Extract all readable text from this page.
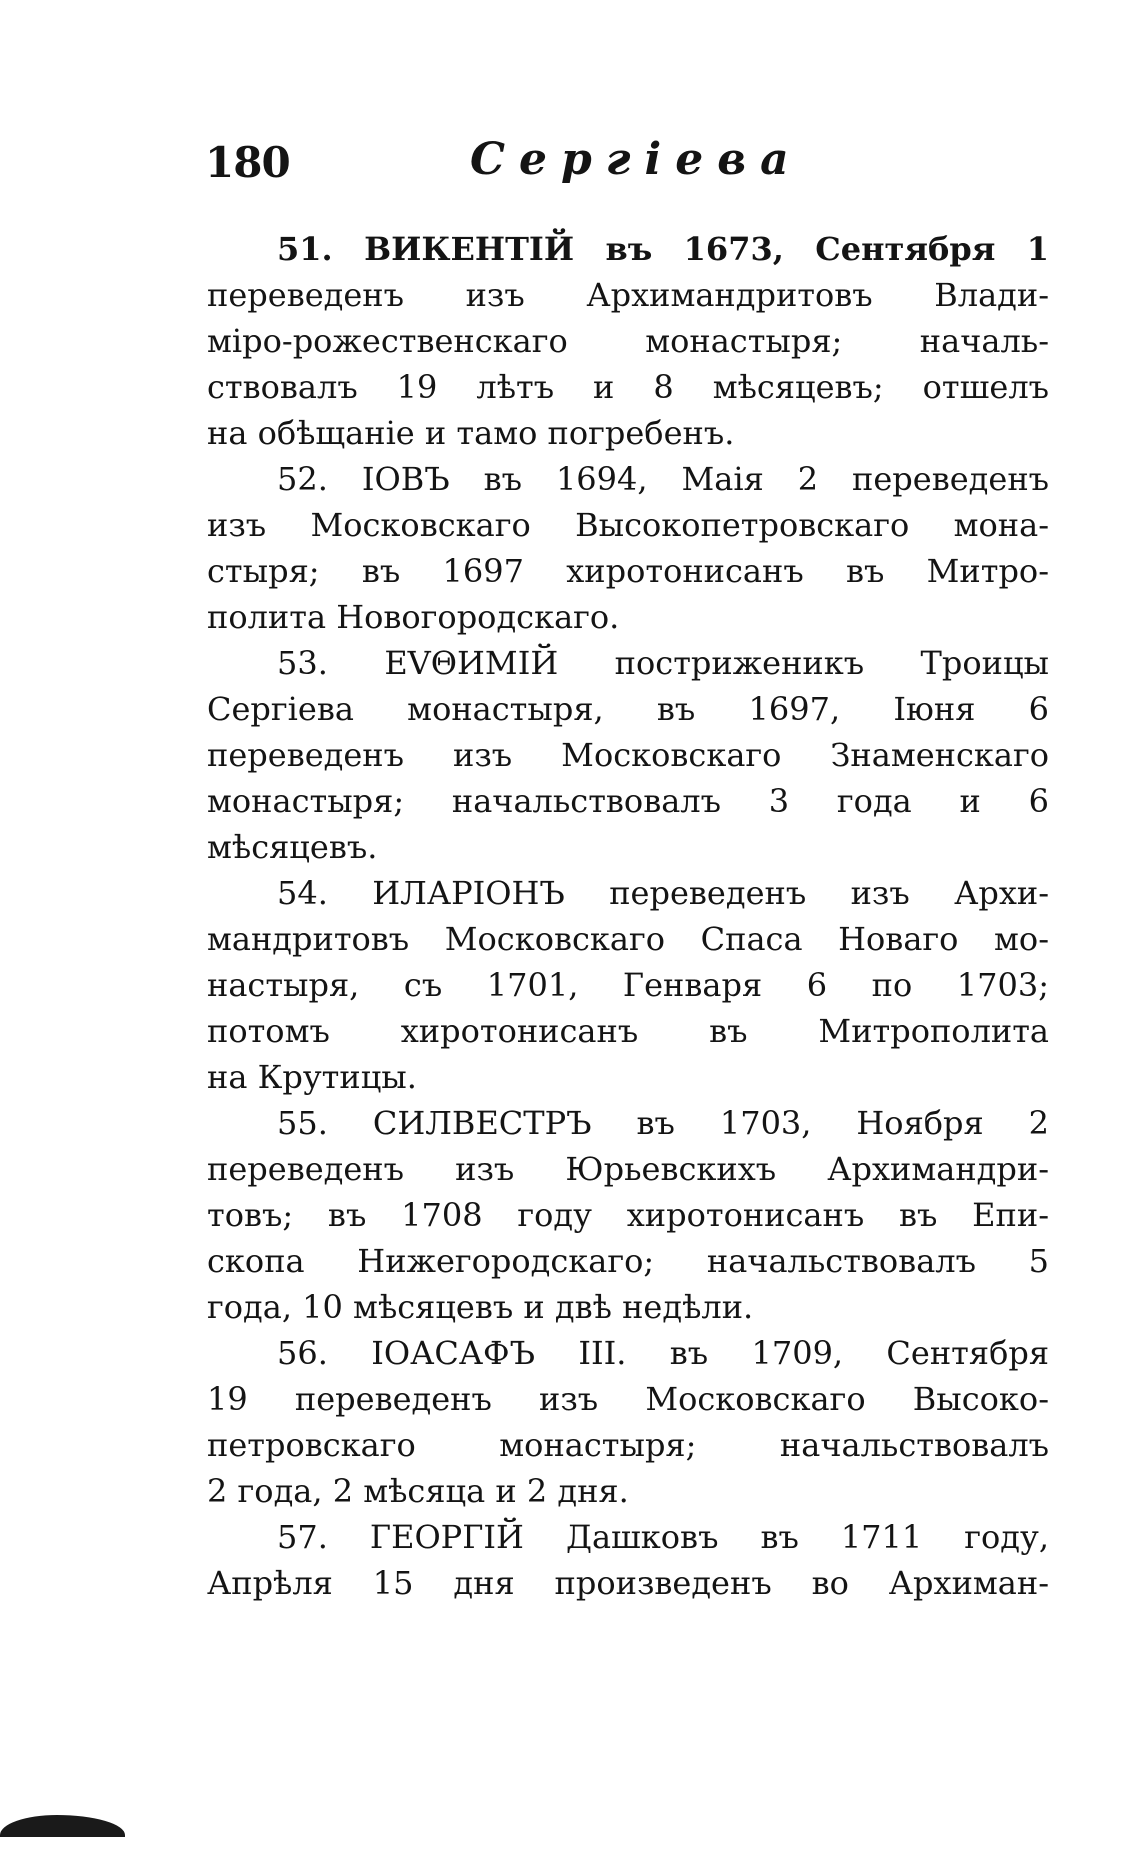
180	Сергiева
51. ВИКЕНТIЙ въ 1673, Сентября 1
переведенъ изъ Архимандритовъ Влади-
мiро-рожественскаго монастыря; началь-
ствовалъ 19 лѣтъ и 8 мѣсяцевъ; отшелъ
на обѣщанiе и тамо погребенъ.
52. IОВЪ въ 1694, Маiя 2 переведенъ
изъ Московскаго Высокопетровскаго мона-
стыря; въ 1697 хиротонисанъ въ Митро-
полита Новогородскаго.
53. ЕVΘИМIЙ постриженикъ Троицы
Сергiева монастыря, въ 1697, Iюня 6
переведенъ изъ Московскаго Знаменскаго
монастыря; начальствовалъ 3 года и 6
мѣсяцевъ.
54. ИЛАРIОНЪ переведенъ изъ Архи-
мандритовъ Московскаго Спаса Новаго мо-
настыря, съ 1701, Генваря 6 по 1703;
потомъ хиротонисанъ въ Митрополита
на Крутицы.
55. СИЛВЕСТРЪ въ 1703, Ноября 2
переведенъ изъ Юрьевскихъ Архимандри-
товъ; въ 1708 году хиротонисанъ въ Епи-
скопа Нижегородскаго; начальствовалъ 5
года, 10 мѣсяцевъ и двѣ недѣли.
56. IОАСАФЪ III. въ 1709, Сентября
19 переведенъ изъ Московскаго Высоко-
петровскаго монастыря; начальствовалъ
2 года, 2 мѣсяца и 2 дня.
57. ГЕОРГIЙ Дашковъ въ 1711 году,
Апрѣля 15 дня произведенъ во Архиман-
